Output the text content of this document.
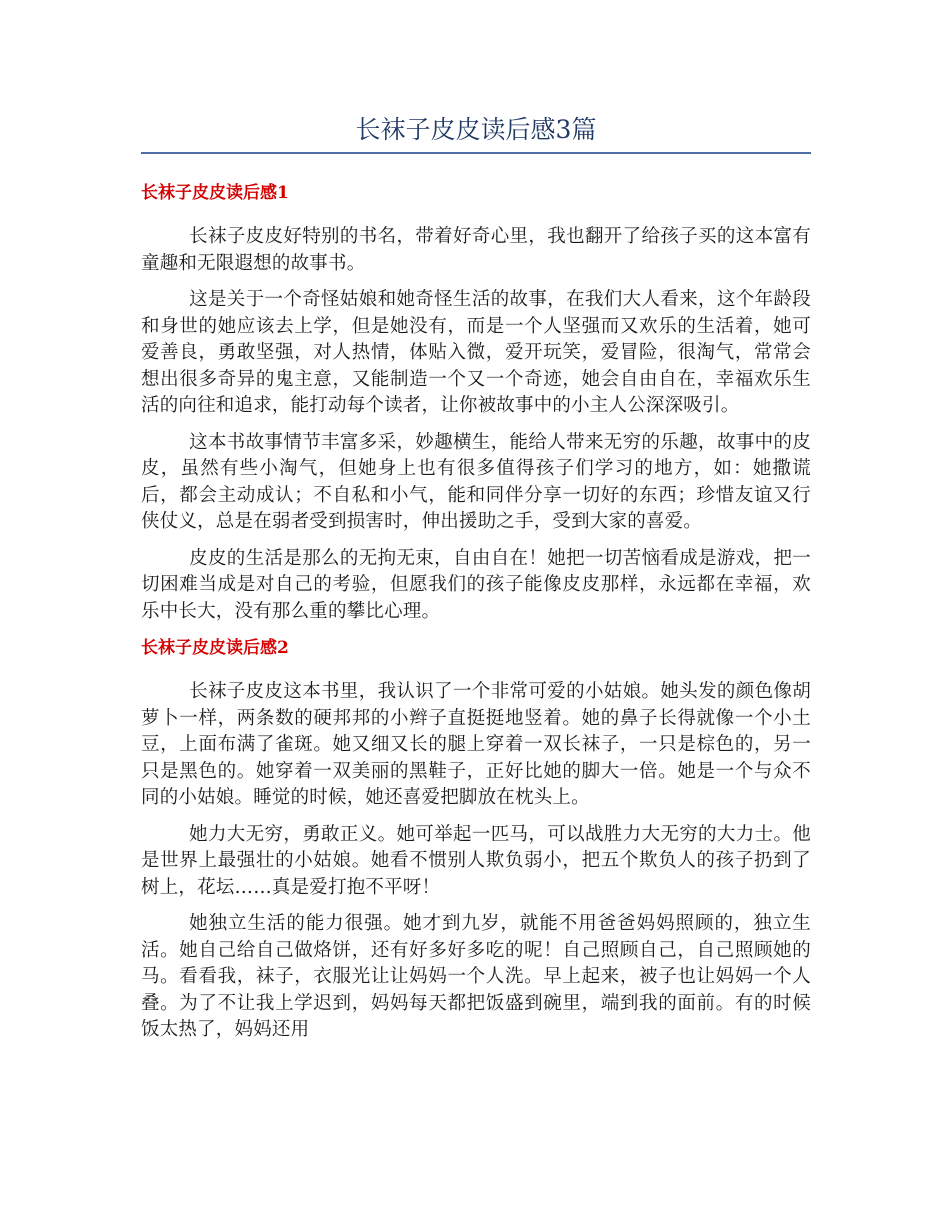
长袜子皮皮读后感3篇
长袜子皮皮读后感1

长袜子皮皮好特别的书名，带着好奇心里，我也翻开了给孩子买的这本富有童趣和无限遐想的故事书。

这是关于一个奇怪姑娘和她奇怪生活的故事，在我们大人看来，这个年龄段和身世的她应该去上学，但是她没有，而是一个人坚强而又欢乐的生活着，她可爱善良，勇敢坚强，对人热情，体贴入微，爱开玩笑，爱冒险，很淘气，常常会想出很多奇异的鬼主意，又能制造一个又一个奇迹，她会自由自在，幸福欢乐生活的向往和追求，能打动每个读者，让你被故事中的小主人公深深吸引。

这本书故事情节丰富多采，妙趣横生，能给人带来无穷的乐趣，故事中的皮皮，虽然有些小淘气，但她身上也有很多值得孩子们学习的地方，如：她撒谎后，都会主动成认；不自私和小气，能和同伴分享一切好的东西；珍惜友谊又行侠仗义，总是在弱者受到损害时，伸出援助之手，受到大家的喜爱。

皮皮的生活是那么的无拘无束，自由自在！她把一切苦恼看成是游戏，把一切困难当成是对自己的考验，但愿我们的孩子能像皮皮那样，永远都在幸福，欢乐中长大，没有那么重的攀比心理。

长袜子皮皮读后感2

长袜子皮皮这本书里，我认识了一个非常可爱的小姑娘。她头发的颜色像胡萝卜一样，两条数的硬邦邦的小辫子直挺挺地竖着。她的鼻子长得就像一个小土豆，上面布满了雀斑。她又细又长的腿上穿着一双长袜子，一只是棕色的，另一只是黑色的。她穿着一双美丽的黑鞋子，正好比她的脚大一倍。她是一个与众不同的小姑娘。睡觉的时候，她还喜爱把脚放在枕头上。

她力大无穷，勇敢正义。她可举起一匹马，可以战胜力大无穷的大力士。他是世界上最强壮的小姑娘。她看不惯别人欺负弱小，把五个欺负人的孩子扔到了树上，花坛……真是爱打抱不平呀！

她独立生活的能力很强。她才到九岁，就能不用爸爸妈妈照顾的，独立生活。她自己给自己做烙饼，还有好多好多吃的呢！自己照顾自己，自己照顾她的马。看看我，袜子，衣服光让让妈妈一个人洗。早上起来，被子也让妈妈一个人叠。为了不让我上学迟到，妈妈每天都把饭盛到碗里，端到我的面前。有的时候饭太热了，妈妈还用
